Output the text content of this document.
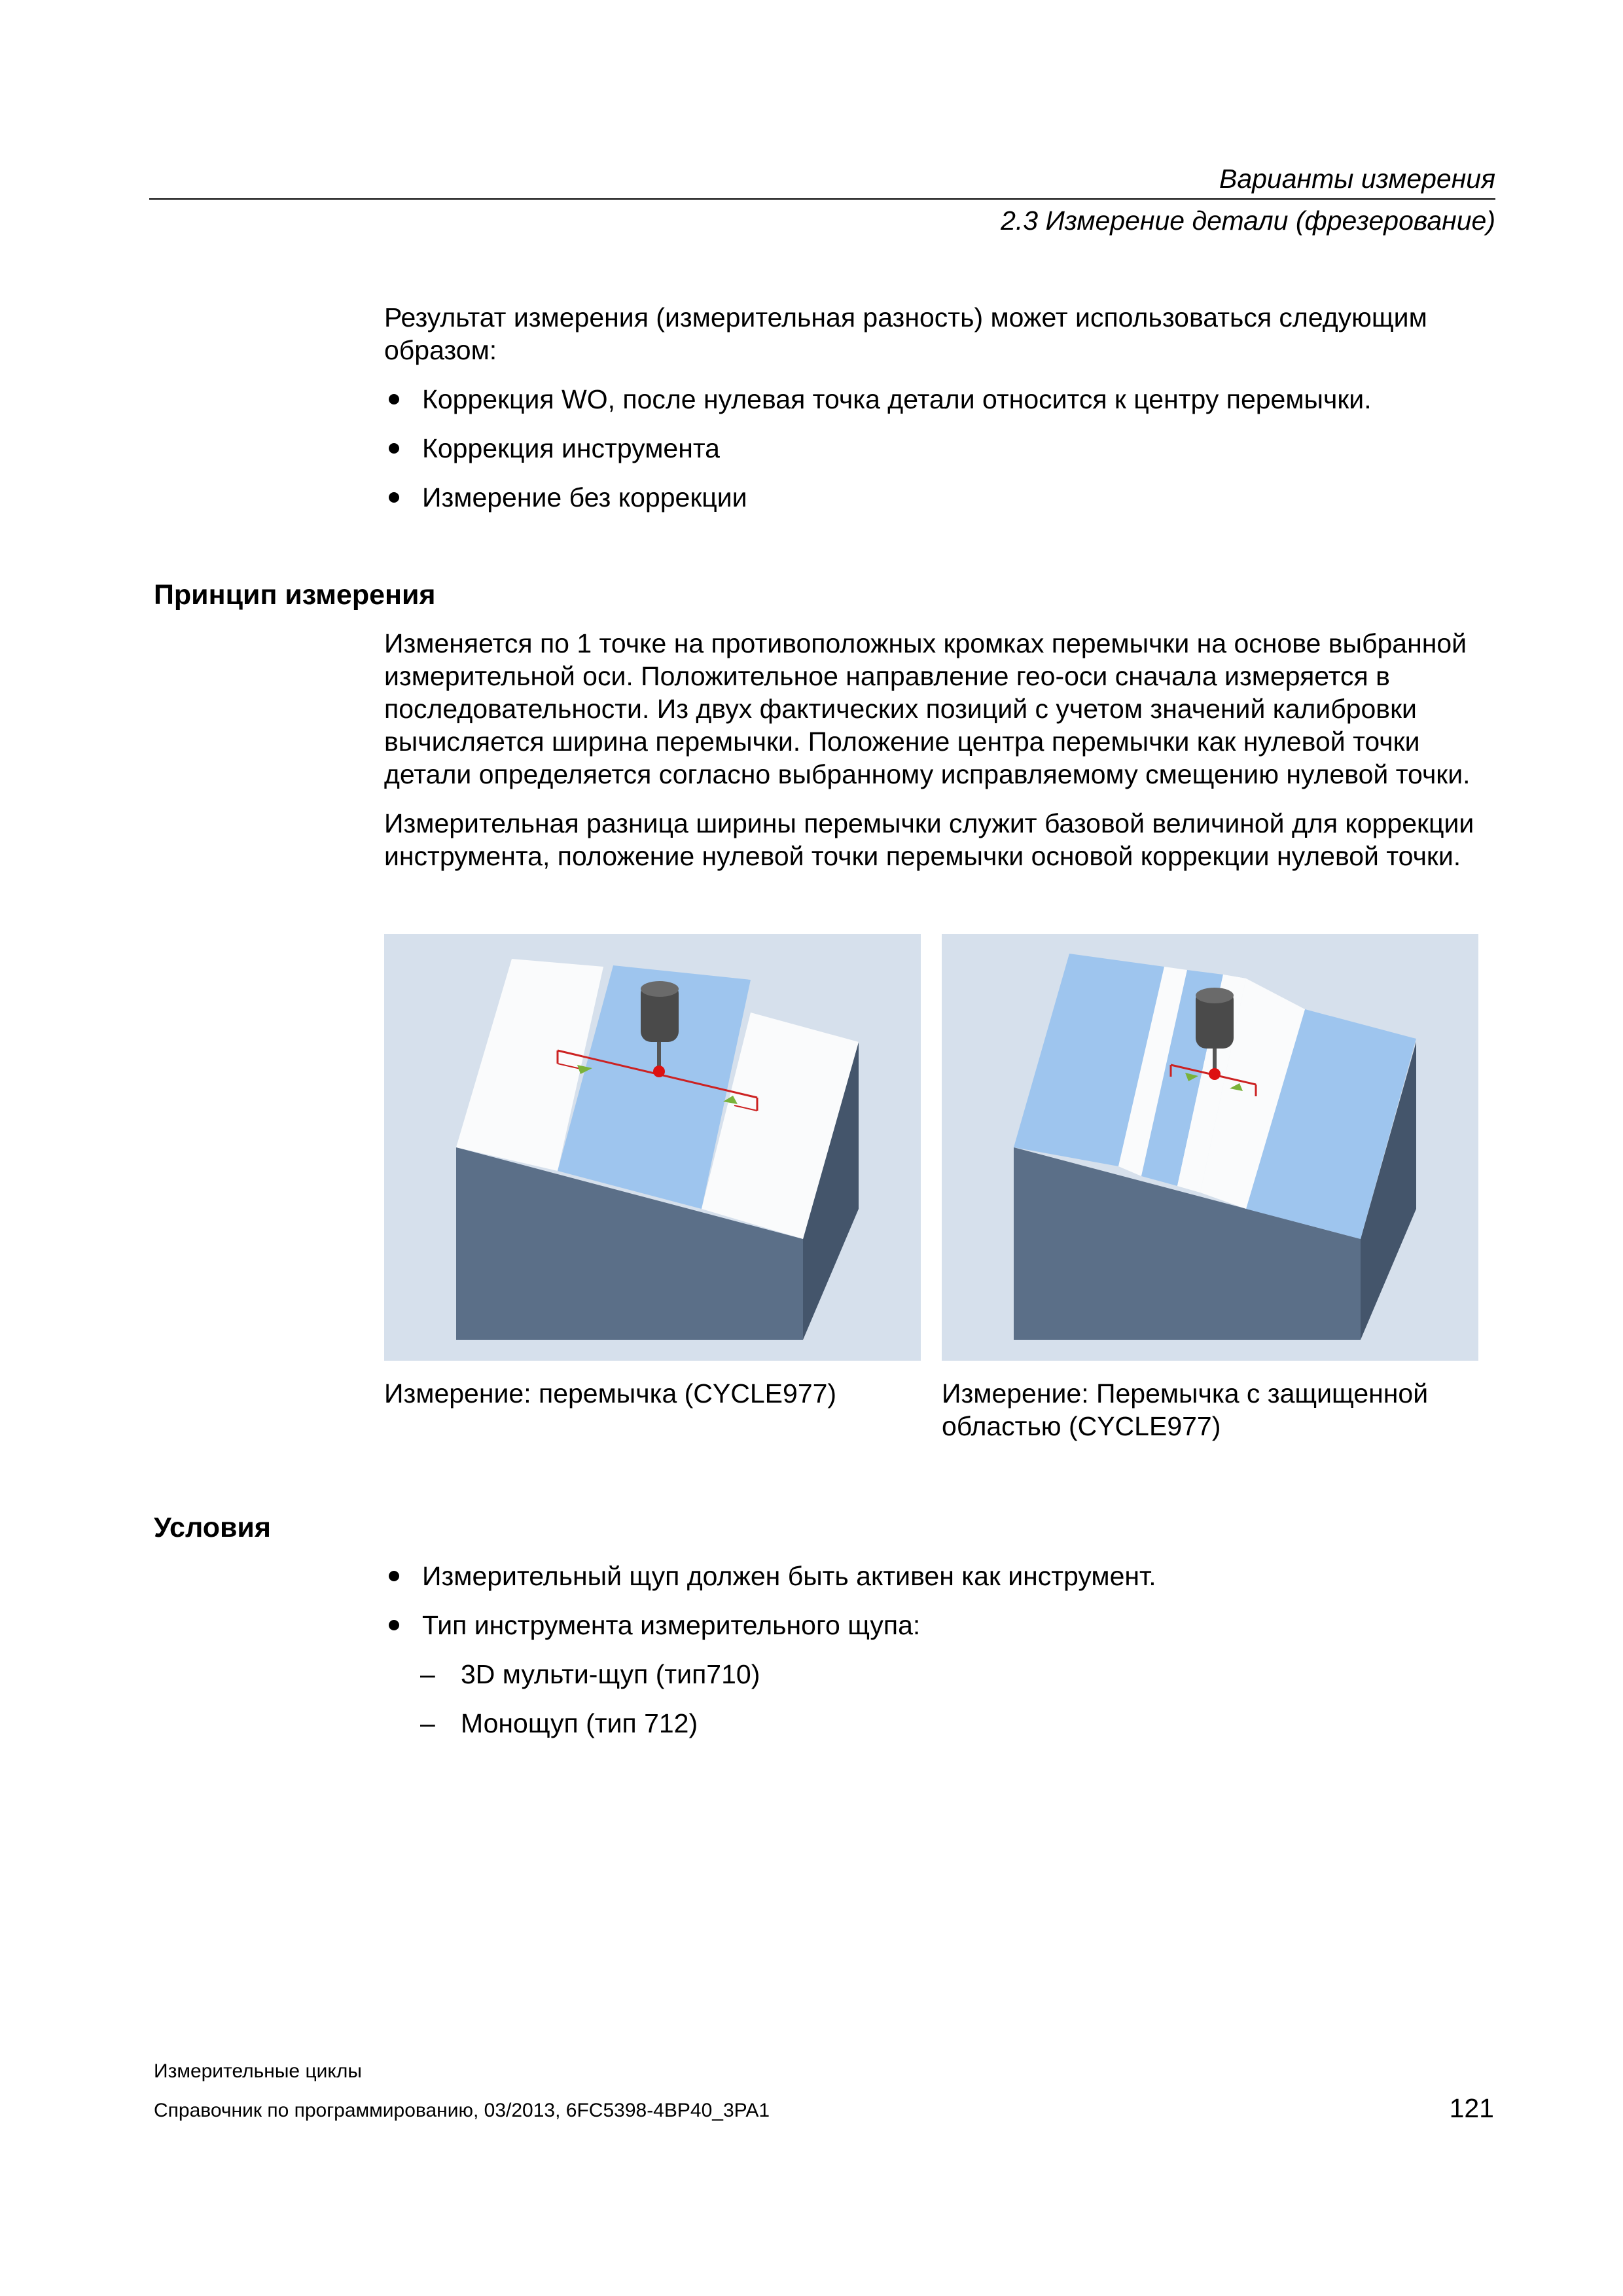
Варианты измерения
2.3 Измерение детали (фрезерование)

Результат измерения (измерительная разность) может использоваться следующим образом:

Коррекция WO, после нулевая точка детали относится к центру перемычки.
Коррекция инструмента
Измерение без коррекции
Принцип измерения

Изменяется по 1 точке на противоположных кромках перемычки на основе выбранной измерительной оси. Положительное направление гео-оси сначала измеряется в последовательности. Из двух фактических позиций с учетом значений калибровки вычисляется ширина перемычки. Положение центра перемычки как нулевой точки детали определяется согласно выбранному исправляемому смещению нулевой точки.

Измерительная разница ширины перемычки служит базовой величиной для коррекции инструмента, положение нулевой точки перемычки основой коррекции нулевой точки.

Измерение: перемычка (CYCLE977)	Измерение: Перемычка с защищенной областью (CYCLE977)
Условия
Измерительный щуп должен быть активен как инструмент.
Тип инструмента измерительного щупа:
– 3D мульти-щуп (тип710)
– Монощуп (тип 712)
Измерительные циклы
Справочник по программированию, 03/2013, 6FC5398-4BP40_3PA1	121
